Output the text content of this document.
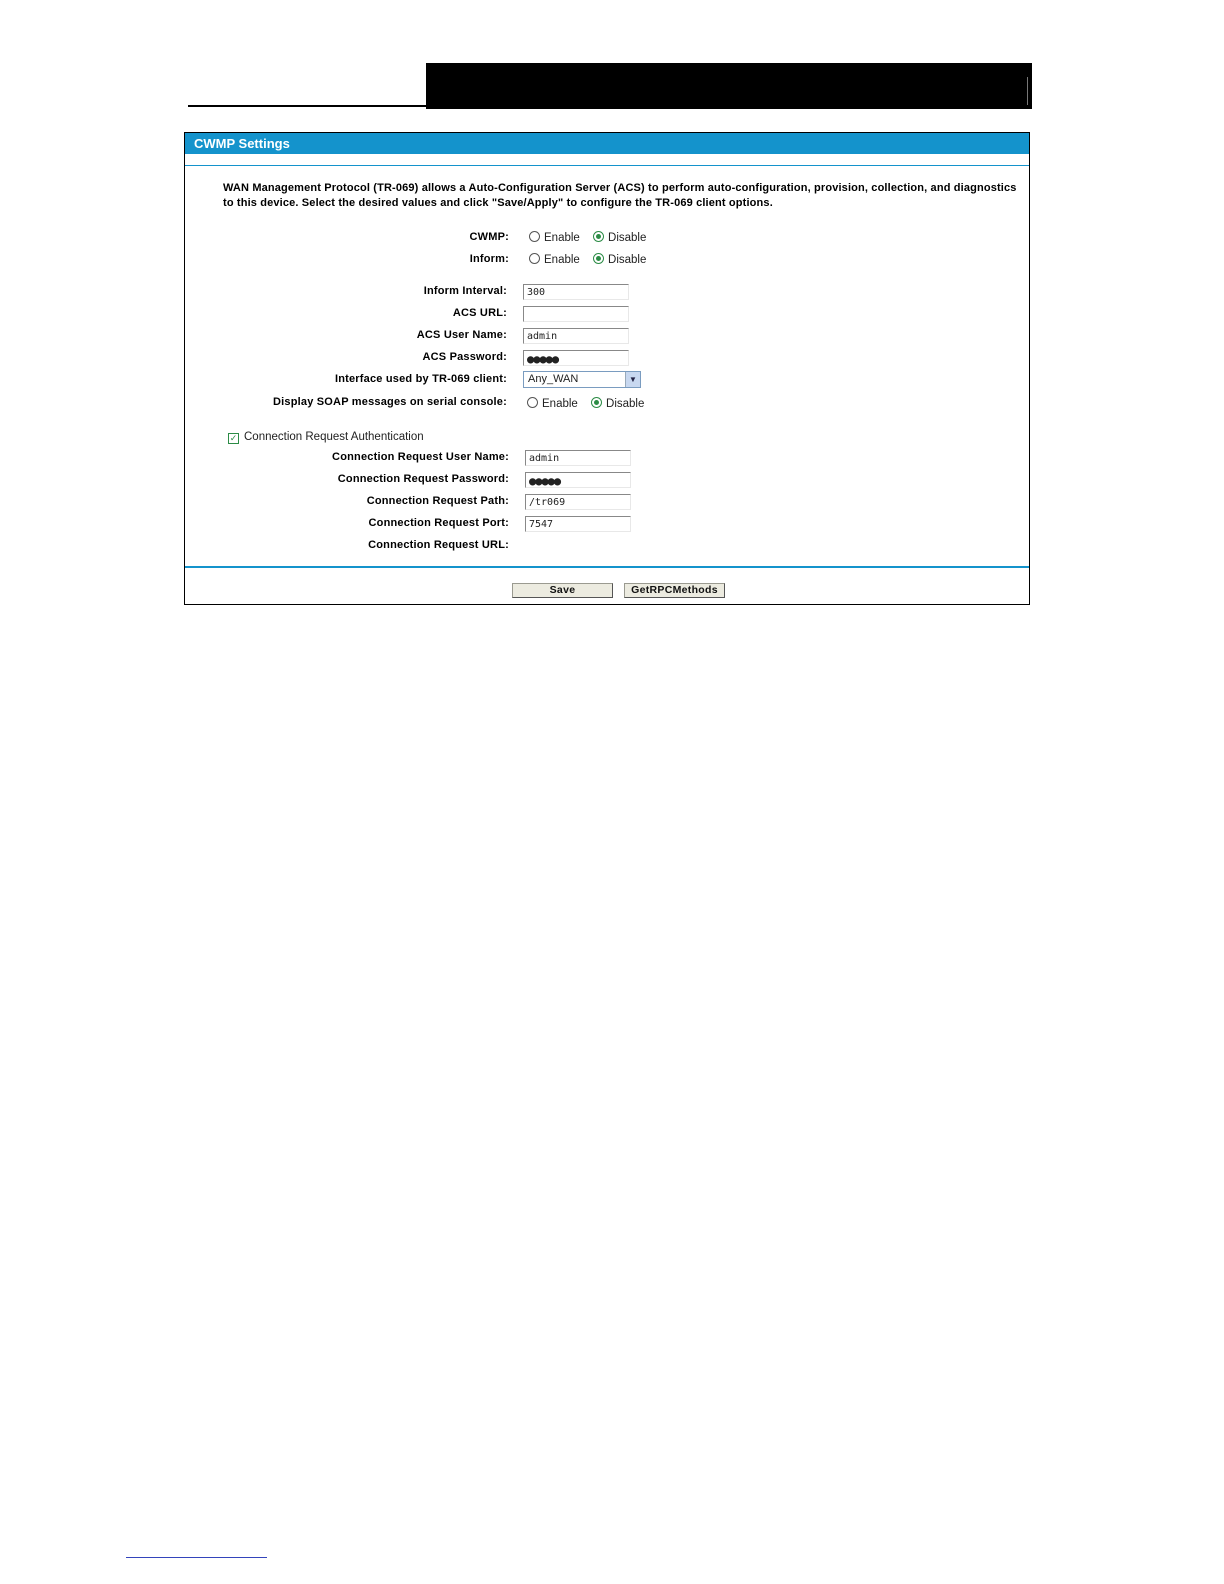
CWMP Settings
WAN Management Protocol (TR-069) allows a Auto-Configuration Server (ACS) to perform auto-configuration, provision, collection, and diagnostics to this device. Select the desired values and click "Save/Apply" to configure the TR-069 client options.
CWMP:	Enable Disable
Inform:	Enable Disable
Inform Interval:	300
ACS URL:
ACS User Name:	admin
ACS Password:	●●●●●
Interface used by TR-069 client:	Any_WAN	▼
Display SOAP messages on serial console:	Enable Disable
✓ Connection Request Authentication
Connection Request User Name:	admin
Connection Request Password:	●●●●●
Connection Request Path:	/tr069
Connection Request Port:	7547
Connection Request URL:
Save	GetRPCMethods
